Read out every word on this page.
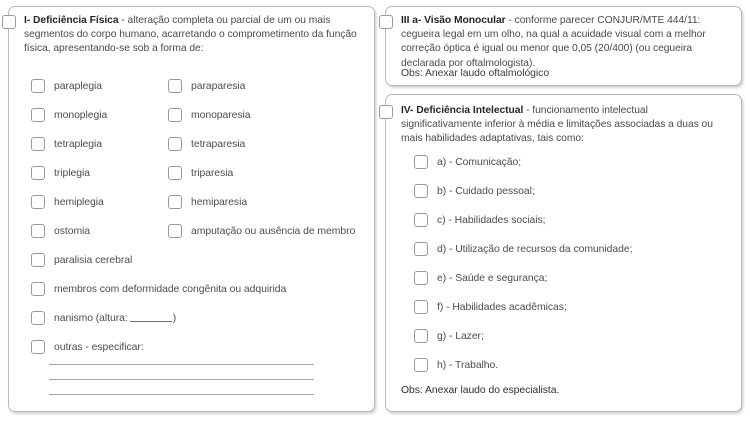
I- Deficiência Física - alteração completa ou parcial de um ou mais segmentos do corpo humano, acarretando o comprometimento da função física, apresentando-se sob a forma de:
paraplegia
monoplegia
tetraplegia
triplegia
hemiplegia
ostomia
paralisia cerebral
paraparesia
monoparesia
tetraparesia
triparesia
hemiparesia
amputação ou ausência de membro
membros com deformidade congênita ou adquirida
nanismo (altura:	)
outras - especificar:
III a- Visão Monocular - conforme parecer CONJUR/MTE 444/11: cegueira legal em um olho, na qual a acuidade visual com a melhor correção óptica é igual ou menor que 0,05 (20/400) (ou cegueira declarada por oftalmologista).
Obs: Anexar laudo oftalmológico
IV- Deficiência Intelectual - funcionamento intelectual significativamente inferior à média e limitações associadas a duas ou mais habilidades adaptativas, tais como:
a) - Comunicação;
b) - Cuidado pessoal;
c) - Habilidades sociais;
d) - Utilização de recursos da comunidade;
e) - Saúde e segurança;
f) - Habilidades acadêmicas;
g) - Lazer;
h) - Trabalho.
Obs: Anexar laudo do especialista.
